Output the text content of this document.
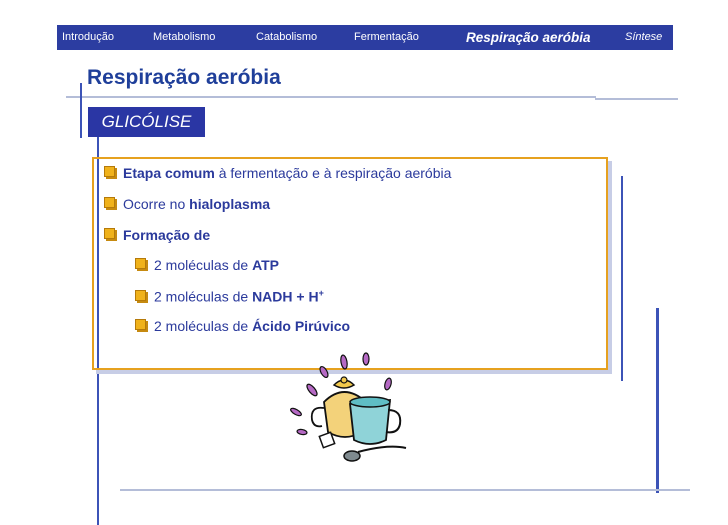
Introdução	Metabolismo	Catabolismo	Fermentação	Respiração aeróbia	Síntese
Respiração aeróbia
GLICÓLISE
Etapa comum à fermentação e à respiração aeróbia
Ocorre no hialoplasma
Formação de
2 moléculas de ATP
2 moléculas de NADH + H+
2 moléculas de Ácido Pirúvico
